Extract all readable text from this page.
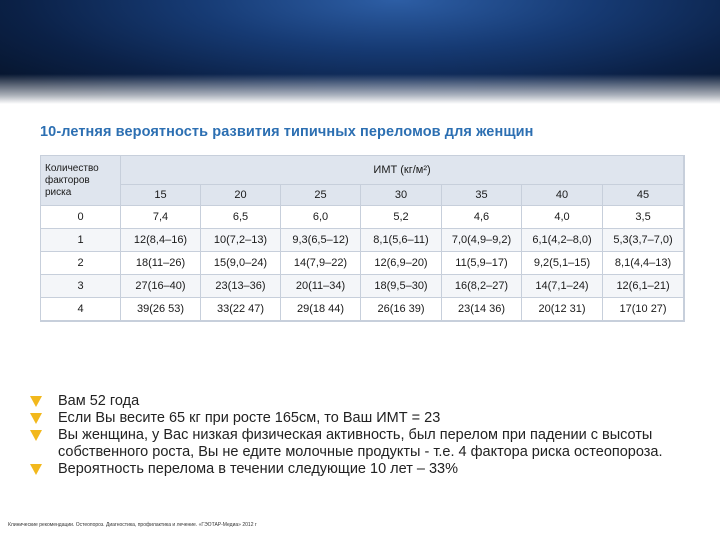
10-летняя вероятность развития типичных переломов для женщин
Количество факторов риска	ИМТ (кг/м²)						
	15	20	25	30	35	40	45
0	7,4	6,5	6,0	5,2	4,6	4,0	3,5
1	12(8,4–16)	10(7,2–13)	9,3(6,5–12)	8,1(5,6–11)	7,0(4,9–9,2)	6,1(4,2–8,0)	5,3(3,7–7,0)
2	18(11–26)	15(9,0–24)	14(7,9–22)	12(6,9–20)	11(5,9–17)	9,2(5,1–15)	8,1(4,4–13)
3	27(16–40)	23(13–36)	20(11–34)	18(9,5–30)	16(8,2–27)	14(7,1–24)	12(6,1–21)
4	39(26 53)	33(22 47)	29(18 44)	26(16 39)	23(14 36)	20(12 31)	17(10 27)
Вам 52 года
Если Вы весите 65 кг при росте 165см, то Ваш ИМТ = 23
Вы женщина, у Вас низкая физическая активность, был перелом при падении с высоты собственного роста, Вы не едите молочные продукты - т.е. 4 фактора риска остеопороза.
Вероятность перелома в течении следующие 10 лет – 33%
Клинические рекомендации. Остеопороз. Диагностика, профилактика и лечение. «ГЭОТАР-Медиа» 2012 г
